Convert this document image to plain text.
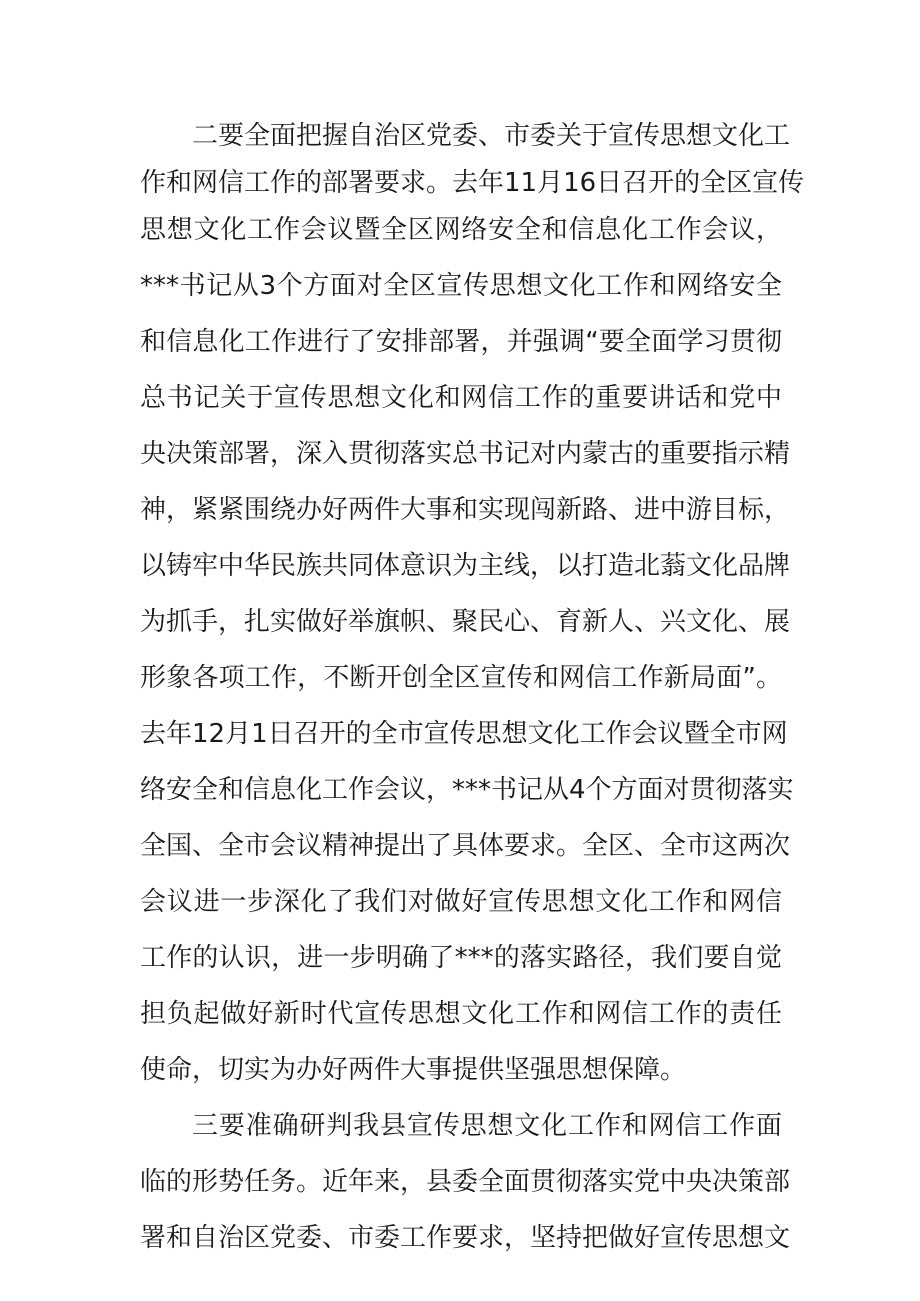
二要全面把握自治区党委、市委关于宣传思想文化工
作和网信工作的部署要求。去年11月16日召开的全区宣传
思想文化工作会议暨全区网络安全和信息化工作会议，
***书记从3个方面对全区宣传思想文化工作和网络安全
和信息化工作进行了安排部署，并强调“要全面学习贯彻
总书记关于宣传思想文化和网信工作的重要讲话和党中
央决策部署，深入贯彻落实总书记对内蒙古的重要指示精
神，紧紧围绕办好两件大事和实现闯新路、进中游目标，
以铸牢中华民族共同体意识为主线，以打造北蓊文化品牌
为抓手，扎实做好举旗帜、聚民心、育新人、兴文化、展
形象各项工作，不断开创全区宣传和网信工作新局面”。
去年12月1日召开的全市宣传思想文化工作会议暨全市网
络安全和信息化工作会议，***书记从4个方面对贯彻落实
全国、全市会议精神提出了具体要求。全区、全市这两次
会议进一步深化了我们对做好宣传思想文化工作和网信
工作的认识，进一步明确了***的落实路径，我们要自觉
担负起做好新时代宣传思想文化工作和网信工作的责任
使命，切实为办好两件大事提供坚强思想保障。
三要准确研判我县宣传思想文化工作和网信工作面
临的形势任务。近年来，县委全面贯彻落实党中央决策部
署和自治区党委、市委工作要求，坚持把做好宣传思想文
